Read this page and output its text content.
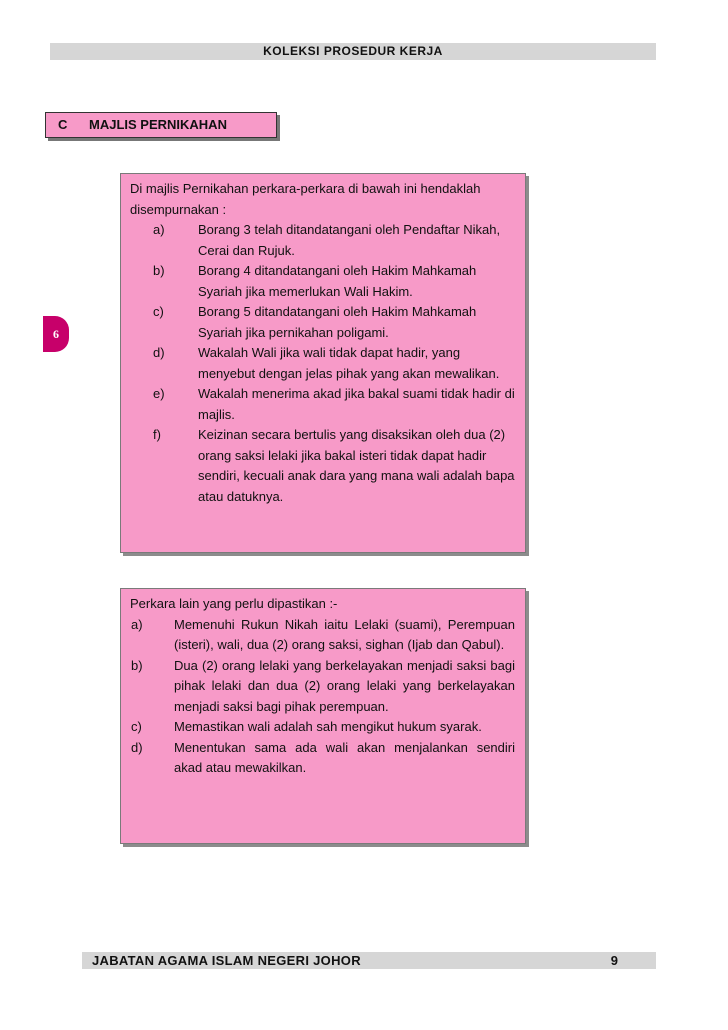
KOLEKSI PROSEDUR KERJA
C MAJLIS PERNIKAHAN
6

Di majlis Pernikahan perkara-perkara di bawah ini hendaklah disempurnakan :

a)	Borang 3 telah ditandatangani oleh Pendaftar Nikah, Cerai dan Rujuk.
b)	Borang 4 ditandatangani oleh Hakim Mahkamah Syariah jika memerlukan Wali Hakim.
c)	Borang 5 ditandatangani oleh Hakim Mahkamah Syariah jika pernikahan poligami.
d)	Wakalah Wali jika wali tidak dapat hadir, yang menyebut dengan jelas pihak yang akan mewalikan.
e)	Wakalah menerima akad jika bakal suami tidak hadir di majlis.
f)	Keizinan secara bertulis yang disaksikan oleh dua (2) orang saksi lelaki jika bakal isteri tidak dapat hadir sendiri, kecuali anak dara yang mana wali adalah bapa atau datuknya.

Perkara lain yang perlu dipastikan :-

a) Memenuhi Rukun Nikah iaitu Lelaki (suami), Perempuan (isteri), wali, dua (2) orang saksi, sighan (Ijab dan Qabul).
b) Dua (2) orang lelaki yang berkelayakan menjadi saksi bagi pihak lelaki dan dua (2) orang lelaki yang berkelayakan menjadi saksi bagi pihak perempuan.
c) Memastikan wali adalah sah mengikut hukum syarak.
d) Menentukan sama ada wali akan menjalankan sendiri akad atau mewakilkan.
JABATAN AGAMA ISLAM NEGERI JOHOR	9
